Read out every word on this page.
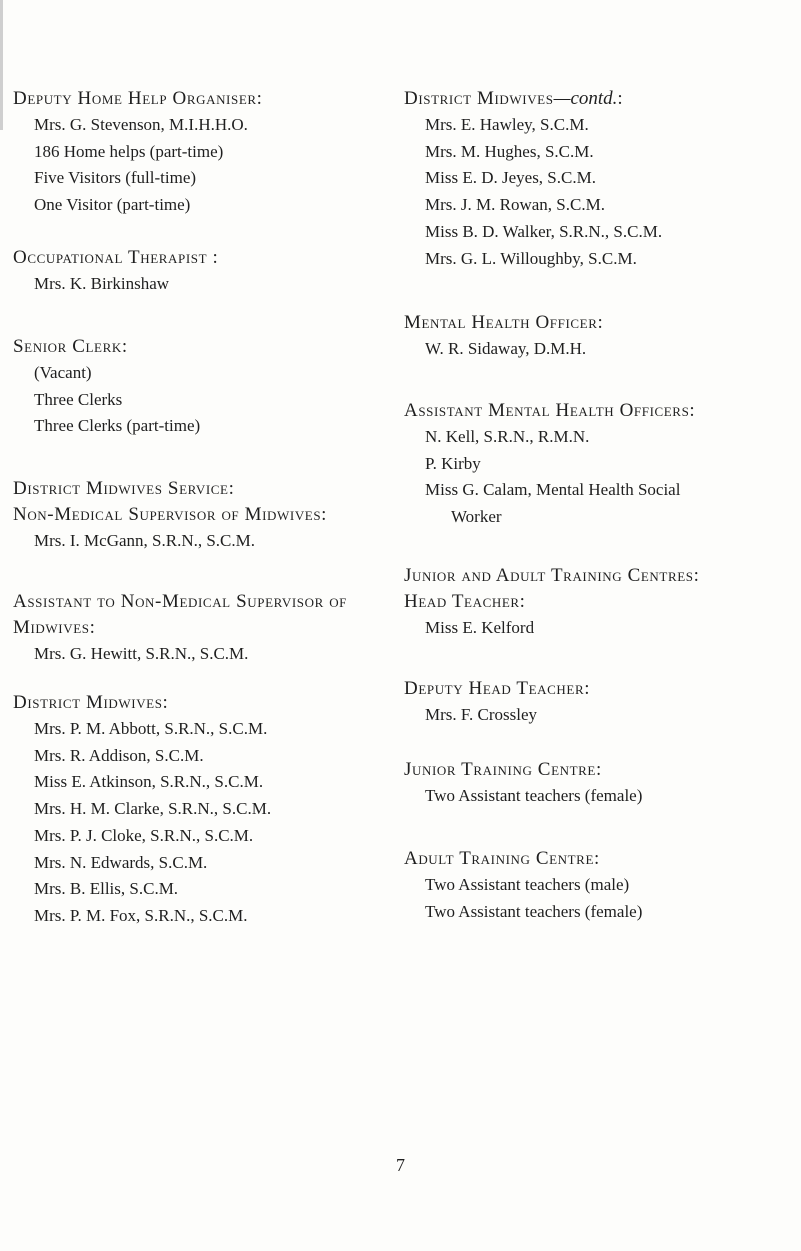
Deputy Home Help Organiser:
Mrs. G. Stevenson, M.I.H.H.O.
186 Home helps (part-time)
Five Visitors (full-time)
One Visitor (part-time)
Occupational Therapist :
Mrs. K. Birkinshaw
Senior Clerk:
(Vacant)
Three Clerks
Three Clerks (part-time)
District Midwives Service:
Non-Medical Supervisor of Midwives:
Mrs. I. McGann, S.R.N., S.C.M.
Assistant to Non-Medical Supervisor of
Midwives:
Mrs. G. Hewitt, S.R.N., S.C.M.
District Midwives:
Mrs. P. M. Abbott, S.R.N., S.C.M.
Mrs. R. Addison, S.C.M.
Miss E. Atkinson, S.R.N., S.C.M.
Mrs. H. M. Clarke, S.R.N., S.C.M.
Mrs. P. J. Cloke, S.R.N., S.C.M.
Mrs. N. Edwards, S.C.M.
Mrs. B. Ellis, S.C.M.
Mrs. P. M. Fox, S.R.N., S.C.M.
District Midwives—contd.:
Mrs. E. Hawley, S.C.M.
Mrs. M. Hughes, S.C.M.
Miss E. D. Jeyes, S.C.M.
Mrs. J. M. Rowan, S.C.M.
Miss B. D. Walker, S.R.N., S.C.M.
Mrs. G. L. Willoughby, S.C.M.
Mental Health Officer:
W. R. Sidaway, D.M.H.
Assistant Mental Health Officers:
N. Kell, S.R.N., R.M.N.
P. Kirby
Miss G. Calam, Mental Health Social
Worker
Junior and Adult Training Centres:
Head Teacher:
Miss E. Kelford
Deputy Head Teacher:
Mrs. F. Crossley
Junior Training Centre:
Two Assistant teachers (female)
Adult Training Centre:
Two Assistant teachers (male)
Two Assistant teachers (female)
7
